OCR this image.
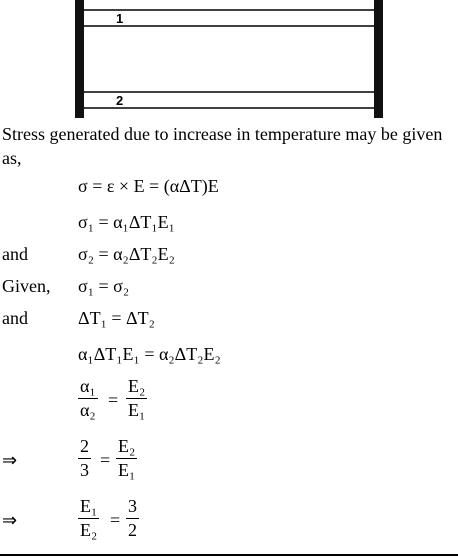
1
2
Stress generated due to increase in temperature may be given as,
σ = ε × E = (αΔT)E
σ₁ = α₁ΔT₁E₁
and	σ₂ = α₂ΔT₂E₂
Given, σ₁ = σ₂
and	ΔT₁ = ΔT₂
α₁ΔT₁E₁ = α₂ΔT₂E₂
α₁
α₂ =
E₂
E₁
⇒
2
3 =
E₂
E₁
⇒
E₁
E₂ =
3
2
